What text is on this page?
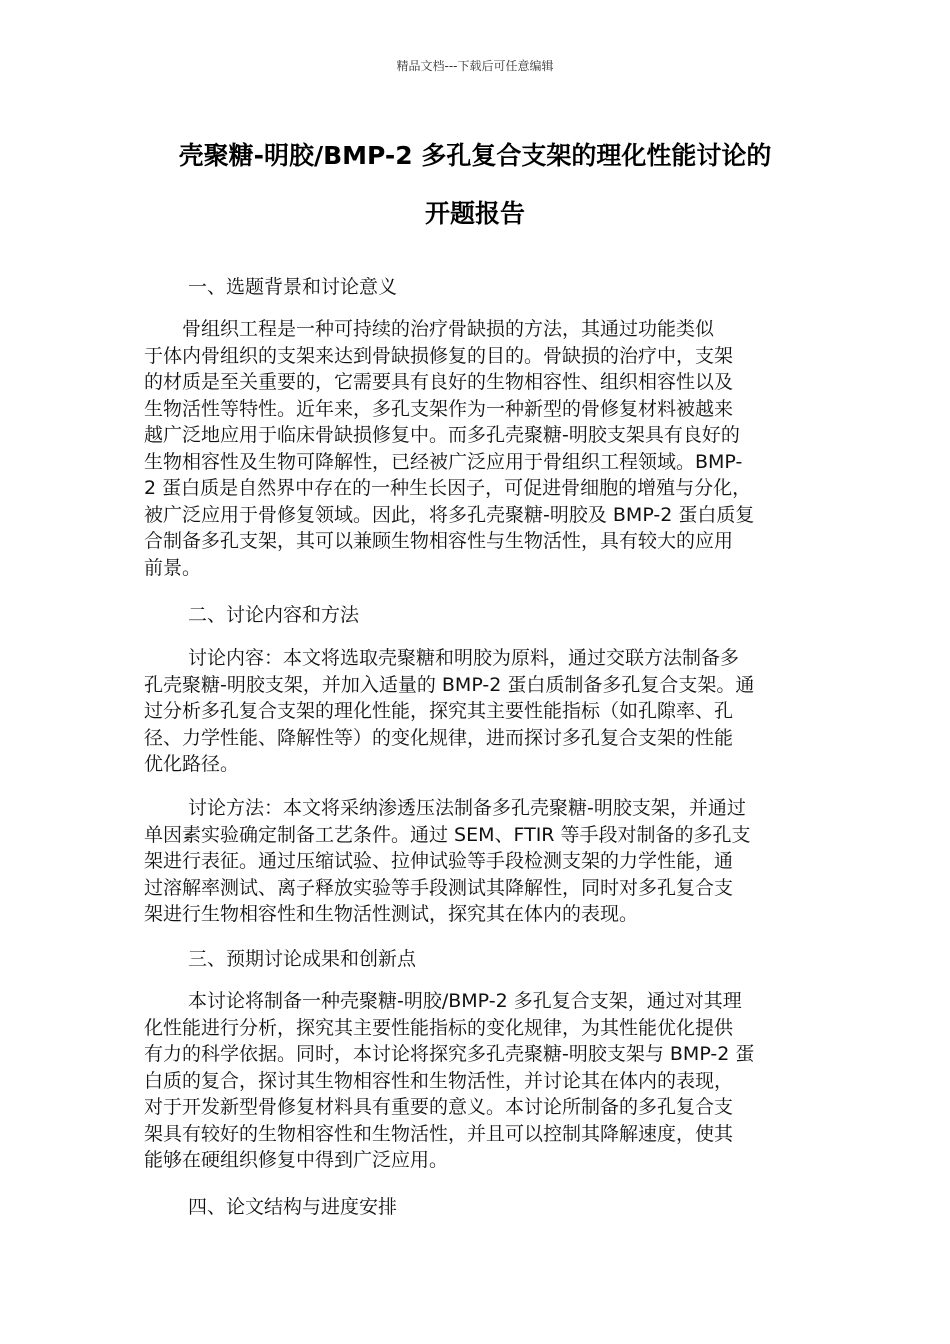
精品文档---下载后可任意编辑
壳聚糖-明胶/BMP-2 多孔复合支架的理化性能讨论的
开题报告
一、选题背景和讨论意义
　　骨组织工程是一种可持续的治疗骨缺损的方法，其通过功能类似
于体内骨组织的支架来达到骨缺损修复的目的。骨缺损的治疗中，支架
的材质是至关重要的，它需要具有良好的生物相容性、组织相容性以及
生物活性等特性。近年来，多孔支架作为一种新型的骨修复材料被越来
越广泛地应用于临床骨缺损修复中。而多孔壳聚糖-明胶支架具有良好的
生物相容性及生物可降解性，已经被广泛应用于骨组织工程领域。BMP-
2 蛋白质是自然界中存在的一种生长因子，可促进骨细胞的增殖与分化，
被广泛应用于骨修复领域。因此，将多孔壳聚糖-明胶及 BMP-2 蛋白质复
合制备多孔支架，其可以兼顾生物相容性与生物活性，具有较大的应用
前景。
二、讨论内容和方法
讨论内容：本文将选取壳聚糖和明胶为原料，通过交联方法制备多
孔壳聚糖-明胶支架，并加入适量的 BMP-2 蛋白质制备多孔复合支架。通
过分析多孔复合支架的理化性能，探究其主要性能指标（如孔隙率、孔
径、力学性能、降解性等）的变化规律，进而探讨多孔复合支架的性能
优化路径。
讨论方法：本文将采纳渗透压法制备多孔壳聚糖-明胶支架，并通过
单因素实验确定制备工艺条件。通过 SEM、FTIR 等手段对制备的多孔支
架进行表征。通过压缩试验、拉伸试验等手段检测支架的力学性能，通
过溶解率测试、离子释放实验等手段测试其降解性，同时对多孔复合支
架进行生物相容性和生物活性测试，探究其在体内的表现。
三、预期讨论成果和创新点
本讨论将制备一种壳聚糖-明胶/BMP-2 多孔复合支架，通过对其理
化性能进行分析，探究其主要性能指标的变化规律，为其性能优化提供
有力的科学依据。同时，本讨论将探究多孔壳聚糖-明胶支架与 BMP-2 蛋
白质的复合，探讨其生物相容性和生物活性，并讨论其在体内的表现，
对于开发新型骨修复材料具有重要的意义。本讨论所制备的多孔复合支
架具有较好的生物相容性和生物活性，并且可以控制其降解速度，使其
能够在硬组织修复中得到广泛应用。
四、论文结构与进度安排
